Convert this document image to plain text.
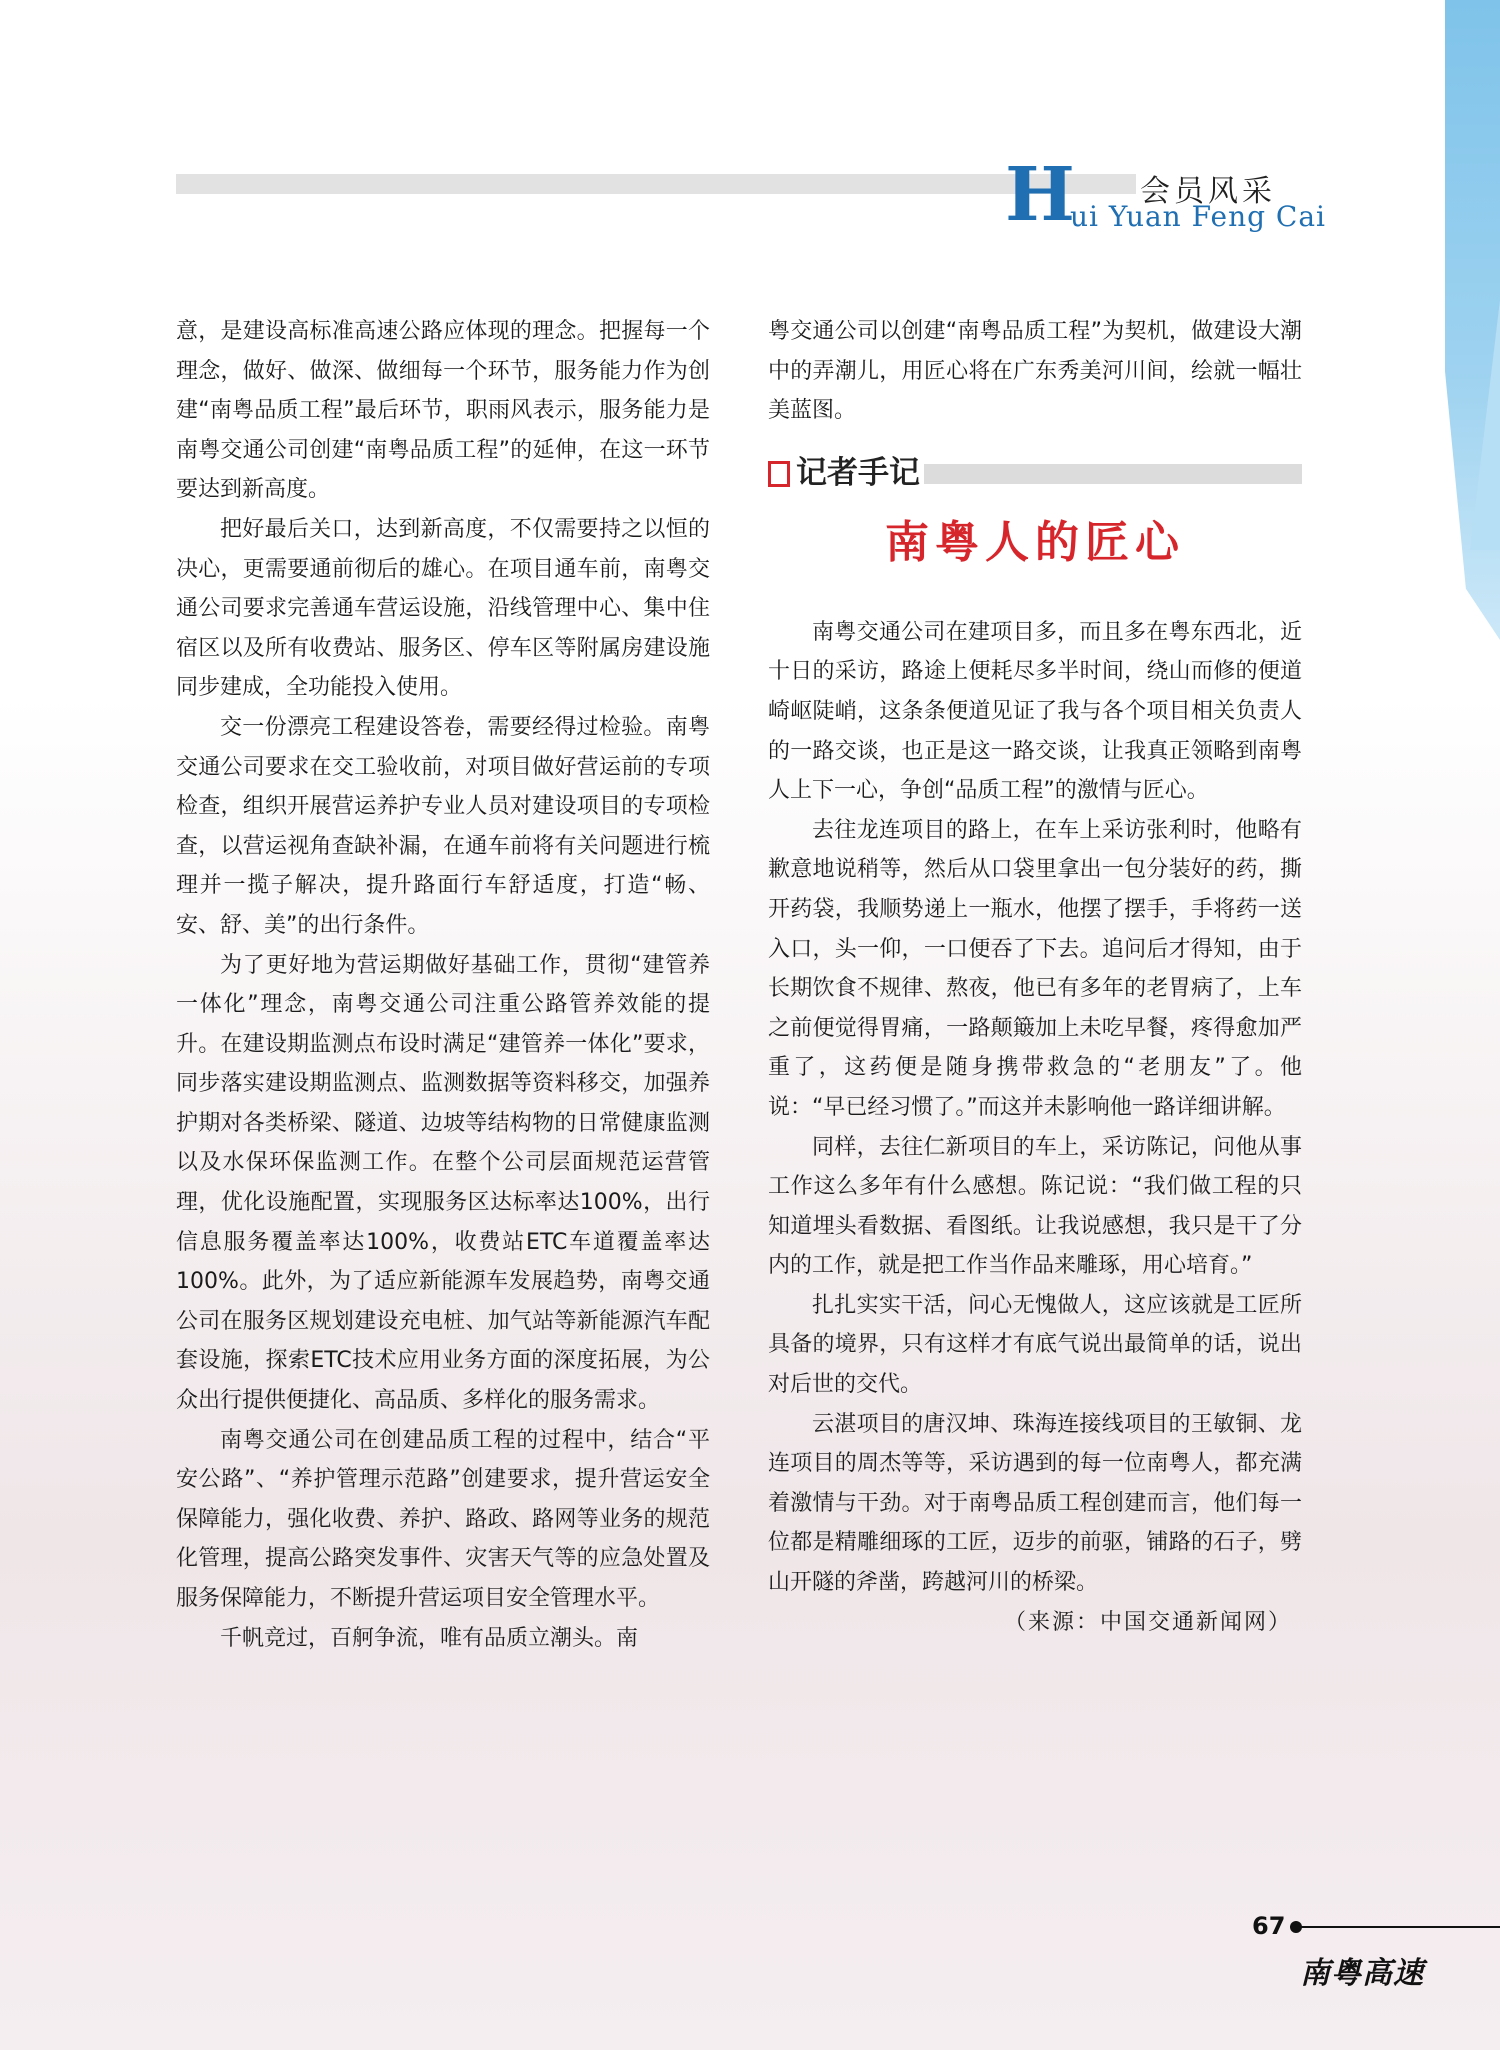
H 会员风采
ui Yuan Feng Cai

意，是建设高标准高速公路应体现的理念。把握每一个理念，做好、做深、做细每一个环节，服务能力作为创建“南粤品质工程”最后环节，职雨风表示，服务能力是南粤交通公司创建“南粤品质工程”的延伸，在这一环节要达到新高度。

把好最后关口，达到新高度，不仅需要持之以恒的决心，更需要通前彻后的雄心。在项目通车前，南粤交通公司要求完善通车营运设施，沿线管理中心、集中住宿区以及所有收费站、服务区、停车区等附属房建设施同步建成，全功能投入使用。

交一份漂亮工程建设答卷，需要经得过检验。南粤交通公司要求在交工验收前，对项目做好营运前的专项检查，组织开展营运养护专业人员对建设项目的专项检查，以营运视角查缺补漏，在通车前将有关问题进行梳理并一揽子解决，提升路面行车舒适度，打造“畅、安、舒、美”的出行条件。

为了更好地为营运期做好基础工作，贯彻“建管养一体化”理念，南粤交通公司注重公路管养效能的提升。在建设期监测点布设时满足“建管养一体化”要求，同步落实建设期监测点、监测数据等资料移交，加强养护期对各类桥梁、隧道、边坡等结构物的日常健康监测以及水保环保监测工作。在整个公司层面规范运营管理，优化设施配置，实现服务区达标率达100%，出行信息服务覆盖率达100%，收费站ETC车道覆盖率达100%。此外，为了适应新能源车发展趋势，南粤交通公司在服务区规划建设充电桩、加气站等新能源汽车配套设施，探索ETC技术应用业务方面的深度拓展，为公众出行提供便捷化、高品质、多样化的服务需求。

南粤交通公司在创建品质工程的过程中，结合“平安公路”、“养护管理示范路”创建要求，提升营运安全保障能力，强化收费、养护、路政、路网等业务的规范化管理，提高公路突发事件、灾害天气等的应急处置及服务保障能力，不断提升营运项目安全管理水平。

千帆竞过，百舸争流，唯有品质立潮头。南

粤交通公司以创建“南粤品质工程”为契机，做建设大潮中的弄潮儿，用匠心将在广东秀美河川间，绘就一幅壮美蓝图。

记者手记
南粤人的匠心

南粤交通公司在建项目多，而且多在粤东西北，近十日的采访，路途上便耗尽多半时间，绕山而修的便道崎岖陡峭，这条条便道见证了我与各个项目相关负责人的一路交谈，也正是这一路交谈，让我真正领略到南粤人上下一心，争创“品质工程”的激情与匠心。

去往龙连项目的路上，在车上采访张利时，他略有歉意地说稍等，然后从口袋里拿出一包分装好的药，撕开药袋，我顺势递上一瓶水，他摆了摆手，手将药一送入口，头一仰，一口便吞了下去。追问后才得知，由于长期饮食不规律、熬夜，他已有多年的老胃病了，上车之前便觉得胃痛，一路颠簸加上未吃早餐，疼得愈加严重了，这药便是随身携带救急的“老朋友”了。他说：“早已经习惯了。”而这并未影响他一路详细讲解。

同样，去往仁新项目的车上，采访陈记，问他从事工作这么多年有什么感想。陈记说：“我们做工程的只知道埋头看数据、看图纸。让我说感想，我只是干了分内的工作，就是把工作当作品来雕琢，用心培育。”

扎扎实实干活，问心无愧做人，这应该就是工匠所具备的境界，只有这样才有底气说出最简单的话，说出对后世的交代。

云湛项目的唐汉坤、珠海连接线项目的王敏铜、龙连项目的周杰等等，采访遇到的每一位南粤人，都充满着激情与干劲。对于南粤品质工程创建而言，他们每一位都是精雕细琢的工匠，迈步的前驱，铺路的石子，劈山开隧的斧凿，跨越河川的桥梁。

（来源：中国交通新闻网）

67
南粤高速
